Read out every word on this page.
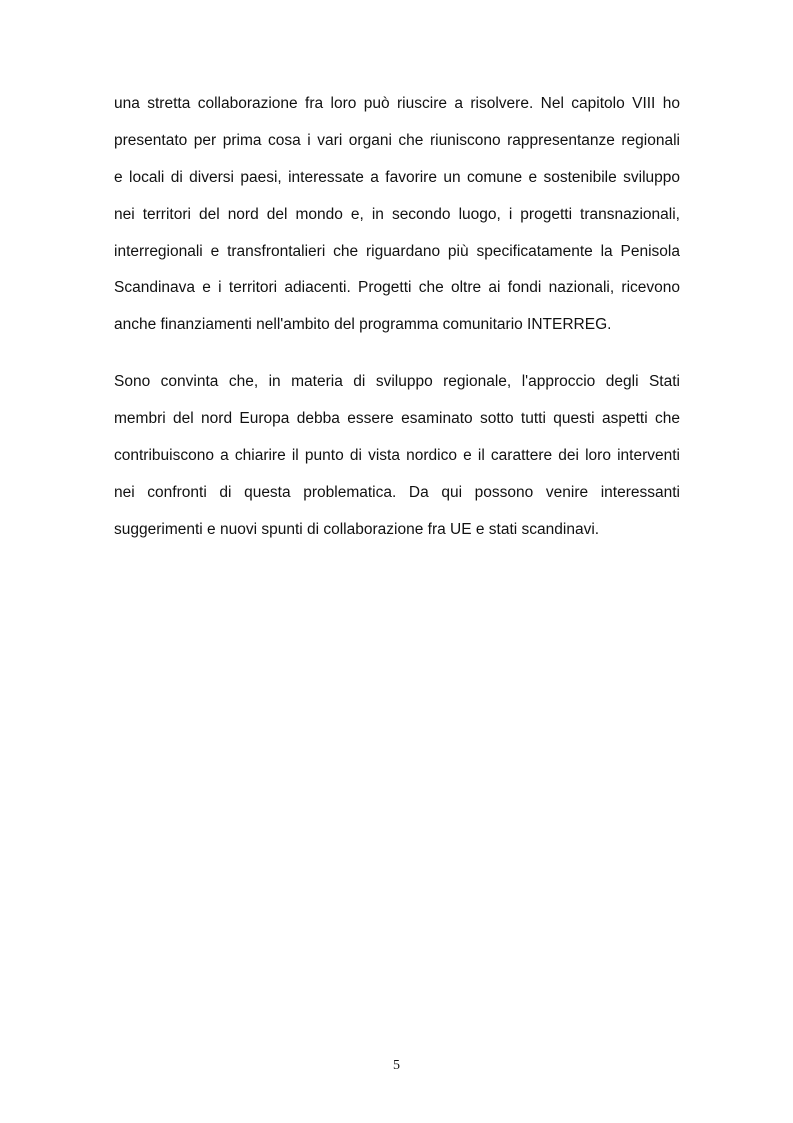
una stretta collaborazione fra loro può riuscire a risolvere. Nel capitolo VIII ho
presentato per prima cosa i vari organi che riuniscono rappresentanze regionali
e locali di diversi paesi, interessate a favorire un comune e sostenibile sviluppo
nei territori del nord del mondo e, in secondo luogo, i progetti transnazionali,
interregionali e transfrontalieri che riguardano più specificatamente la Penisola
Scandinava e i territori adiacenti. Progetti che oltre ai fondi nazionali, ricevono
anche finanziamenti nell'ambito del programma comunitario INTERREG.
Sono convinta che, in materia di sviluppo regionale, l'approccio degli Stati
membri del nord Europa debba essere esaminato sotto tutti questi aspetti che
contribuiscono a chiarire il punto di vista nordico e il carattere dei loro interventi
nei confronti di questa problematica. Da qui possono venire interessanti
suggerimenti e nuovi spunti di collaborazione fra UE e stati scandinavi.
5
